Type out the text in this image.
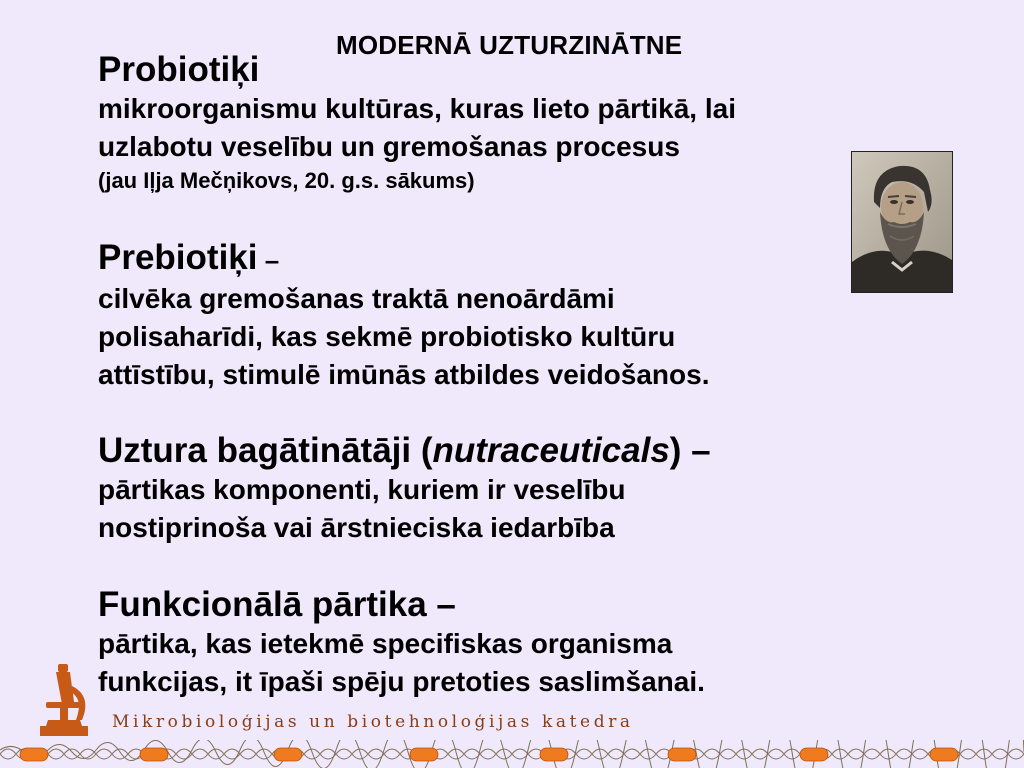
MODERNĀ UZTURZINĀTNE
Probiotiķi
mikroorganismu kultūras, kuras lieto pārtikā, lai
uzlabotu veselību un gremošanas procesus
(jau Iļja Mečņikovs, 20. g.s. sākums)
Prebiotiķi –
cilvēka gremošanas traktā nenoārdāmi
polisaharīdi, kas sekmē probiotisko kultūru
attīstību, stimulē imūnās atbildes veidošanos.
Uztura bagātinātāji (nutraceuticals) –
pārtikas komponenti, kuriem ir veselību
nostiprinoša vai ārstnieciska iedarbība
Funkcionālā pārtika –
pārtika, kas ietekmē specifiskas organisma
funkcijas, it īpaši spēju pretoties saslimšanai.
Mikrobioloģijas un biotehnoloģijas katedra
